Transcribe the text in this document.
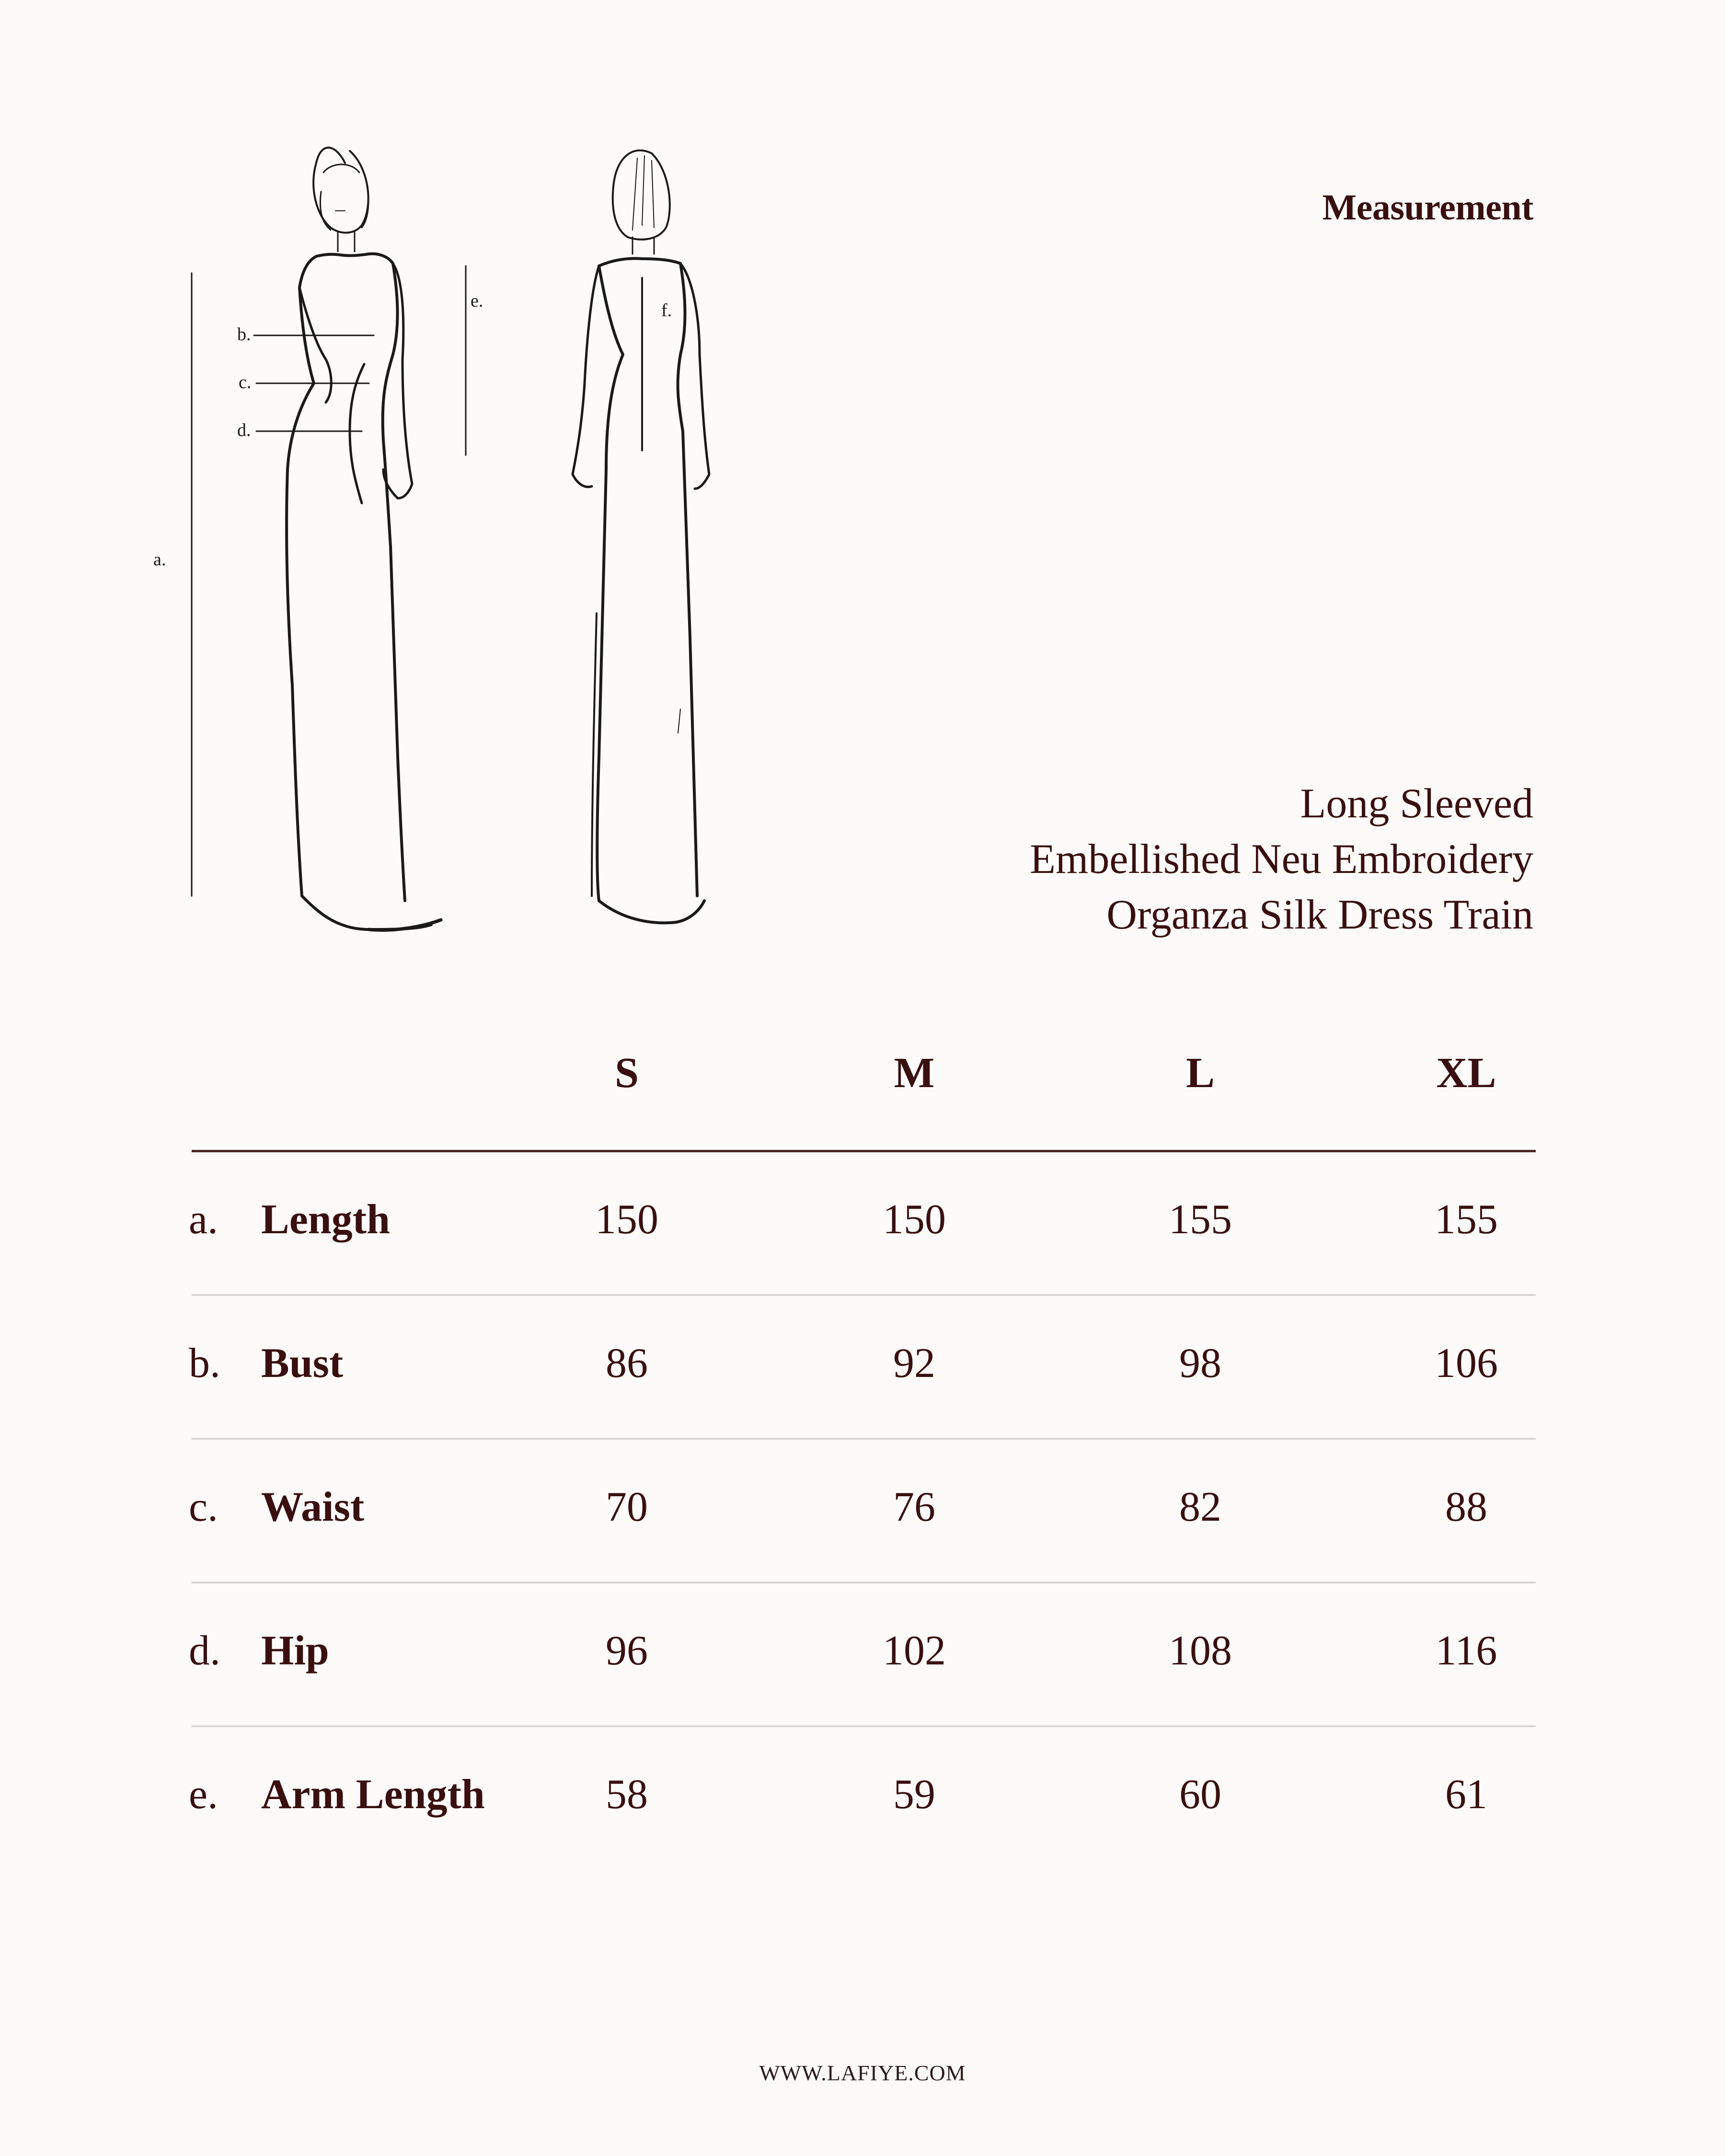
a.
b.
c.
d.
e.	f.
Measurement
Long Sleeved
Embellished Neu Embroidery
Organza Silk Dress Train
S	M	L	XL
a. Length	150	150	155	155
b. Bust	86	92	98	106
c. Waist	70	76	82	88
d. Hip	96	102	108	116
e. Arm Length	58	59	60	61
WWW.LAFIYE.COM
